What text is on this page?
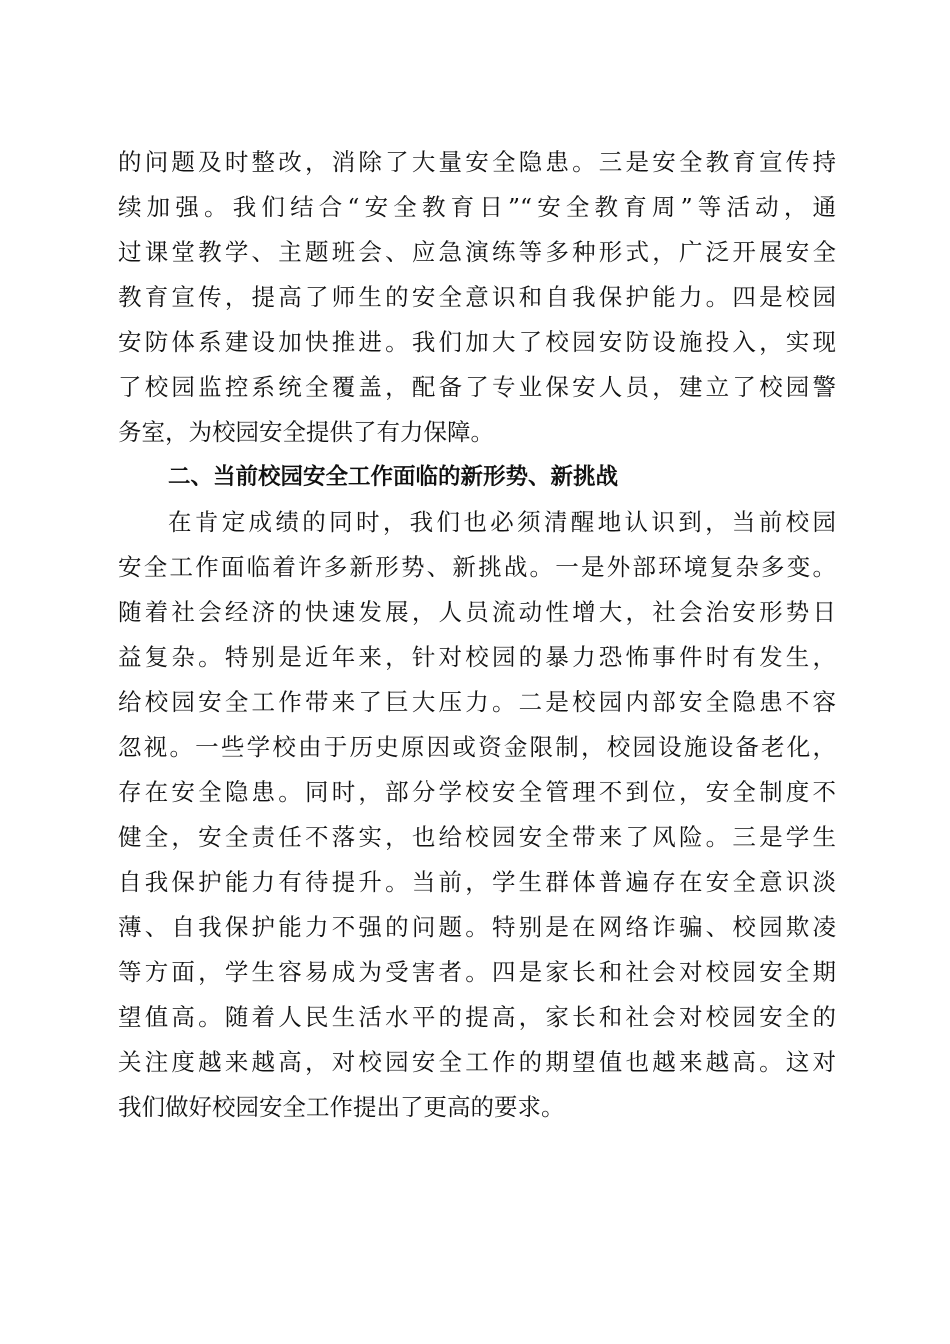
的问题及时整改，消除了大量安全隐患。三是安全教育宣传持
续加强。我们结合“安全教育日”“安全教育周”等活动，通
过课堂教学、主题班会、应急演练等多种形式，广泛开展安全
教育宣传，提高了师生的安全意识和自我保护能力。四是校园
安防体系建设加快推进。我们加大了校园安防设施投入，实现
了校园监控系统全覆盖，配备了专业保安人员，建立了校园警
务室，为校园安全提供了有力保障。
二、当前校园安全工作面临的新形势、新挑战
在肯定成绩的同时，我们也必须清醒地认识到，当前校园
安全工作面临着许多新形势、新挑战。一是外部环境复杂多变。
随着社会经济的快速发展，人员流动性增大，社会治安形势日
益复杂。特别是近年来，针对校园的暴力恐怖事件时有发生，
给校园安全工作带来了巨大压力。二是校园内部安全隐患不容
忽视。一些学校由于历史原因或资金限制，校园设施设备老化，
存在安全隐患。同时，部分学校安全管理不到位，安全制度不
健全，安全责任不落实，也给校园安全带来了风险。三是学生
自我保护能力有待提升。当前，学生群体普遍存在安全意识淡
薄、自我保护能力不强的问题。特别是在网络诈骗、校园欺凌
等方面，学生容易成为受害者。四是家长和社会对校园安全期
望值高。随着人民生活水平的提高，家长和社会对校园安全的
关注度越来越高，对校园安全工作的期望值也越来越高。这对
我们做好校园安全工作提出了更高的要求。
